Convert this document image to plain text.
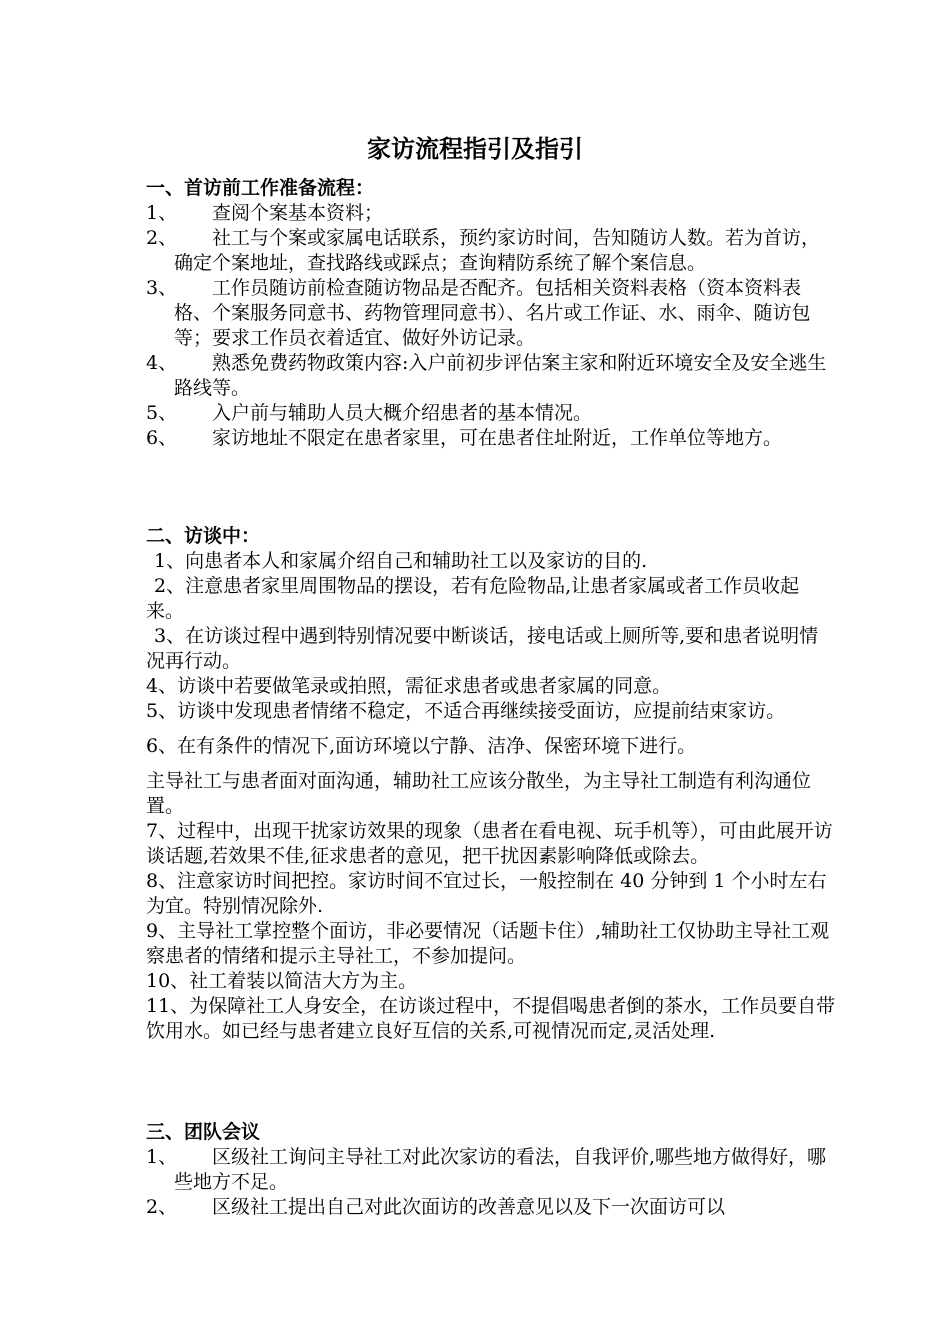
家访流程指引及指引
一、首访前工作准备流程：
1、	查阅个案基本资料；
2、	社工与个案或家属电话联系，预约家访时间，告知随访人数。若为首访，确定个案地址，查找路线或踩点；查询精防系统了解个案信息。
3、	工作员随访前检查随访物品是否配齐。包括相关资料表格（资本资料表格、个案服务同意书、药物管理同意书）、名片或工作证、水、雨伞、随访包等；要求工作员衣着适宜、做好外访记录。
4、	熟悉免费药物政策内容:入户前初步评估案主家和附近环境安全及安全逃生路线等。
5、	入户前与辅助人员大概介绍患者的基本情况。
6、	家访地址不限定在患者家里，可在患者住址附近，工作单位等地方。
二、访谈中：
1、向患者本人和家属介绍自己和辅助社工以及家访的目的.
2、注意患者家里周围物品的摆设，若有危险物品,让患者家属或者工作员收起来。
3、在访谈过程中遇到特别情况要中断谈话，接电话或上厕所等,要和患者说明情况再行动。
4、访谈中若要做笔录或拍照，需征求患者或患者家属的同意。
5、访谈中发现患者情绪不稳定，不适合再继续接受面访，应提前结束家访。
6、在有条件的情况下,面访环境以宁静、洁净、保密环境下进行。
主导社工与患者面对面沟通，辅助社工应该分散坐，为主导社工制造有利沟通位置。
7、过程中，出现干扰家访效果的现象（患者在看电视、玩手机等），可由此展开访谈话题,若效果不佳,征求患者的意见，把干扰因素影响降低或除去。
8、注意家访时间把控。家访时间不宜过长，一般控制在 40 分钟到 1 个小时左右为宜。特别情况除外.
9、主导社工掌控整个面访，非必要情况（话题卡住）,辅助社工仅协助主导社工观察患者的情绪和提示主导社工，不参加提问。
10、社工着装以简洁大方为主。
11、为保障社工人身安全，在访谈过程中，不提倡喝患者倒的茶水，工作员要自带饮用水。如已经与患者建立良好互信的关系,可视情况而定,灵活处理.
三、团队会议
1、	区级社工询问主导社工对此次家访的看法，自我评价,哪些地方做得好，哪些地方不足。
2、	区级社工提出自己对此次面访的改善意见以及下一次面访可以
